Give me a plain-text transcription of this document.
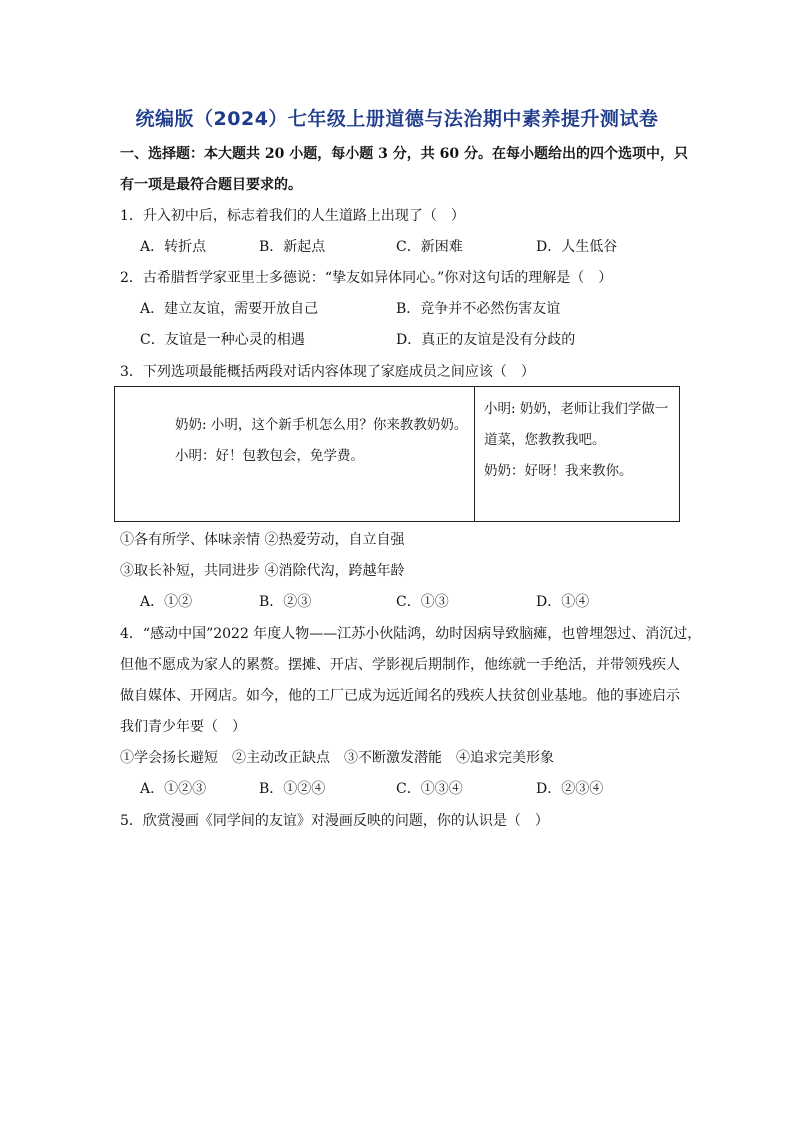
统编版（2024）七年级上册道德与法治期中素养提升测试卷
一、选择题：本大题共 20 小题，每小题 3 分，共 60 分。在每小题给出的四个选项中，只
有一项是最符合题目要求的。
1．升入初中后，标志着我们的人生道路上出现了（　）
A．转折点	B．新起点	C．新困难	D．人生低谷
2．古希腊哲学家亚里士多德说：“挚友如异体同心。”你对这句话的理解是（　）
A．建立友谊，需要开放自己	B．竞争并不必然伤害友谊
C．友谊是一种心灵的相遇	D．真正的友谊是没有分歧的
3．下列选项最能概括两段对话内容体现了家庭成员之间应该（　）
奶奶: 小明，这个新手机怎么用？你来教教奶奶。
小明：好！包教包会，免学费。
小明: 奶奶，老师让我们学做一
道菜，您教教我吧。
奶奶：好呀！我来教你。
①各有所学、体味亲情 ②热爱劳动，自立自强
③取长补短，共同进步 ④消除代沟，跨越年龄
A．①②	B．②③	C．①③	D．①④
4．“感动中国”2022 年度人物——江苏小伙陆鸿，幼时因病导致脑瘫，也曾埋怨过、消沉过，
但他不愿成为家人的累赘。摆摊、开店、学影视后期制作，他练就一手绝活，并带领残疾人
做自媒体、开网店。如今，他的工厂已成为远近闻名的残疾人扶贫创业基地。他的事迹启示
我们青少年要（　）
①学会扬长避短　②主动改正缺点　③不断激发潜能　④追求完美形象
A．①②③	B．①②④	C．①③④	D．②③④
5．欣赏漫画《同学间的友谊》对漫画反映的问题，你的认识是（　）
